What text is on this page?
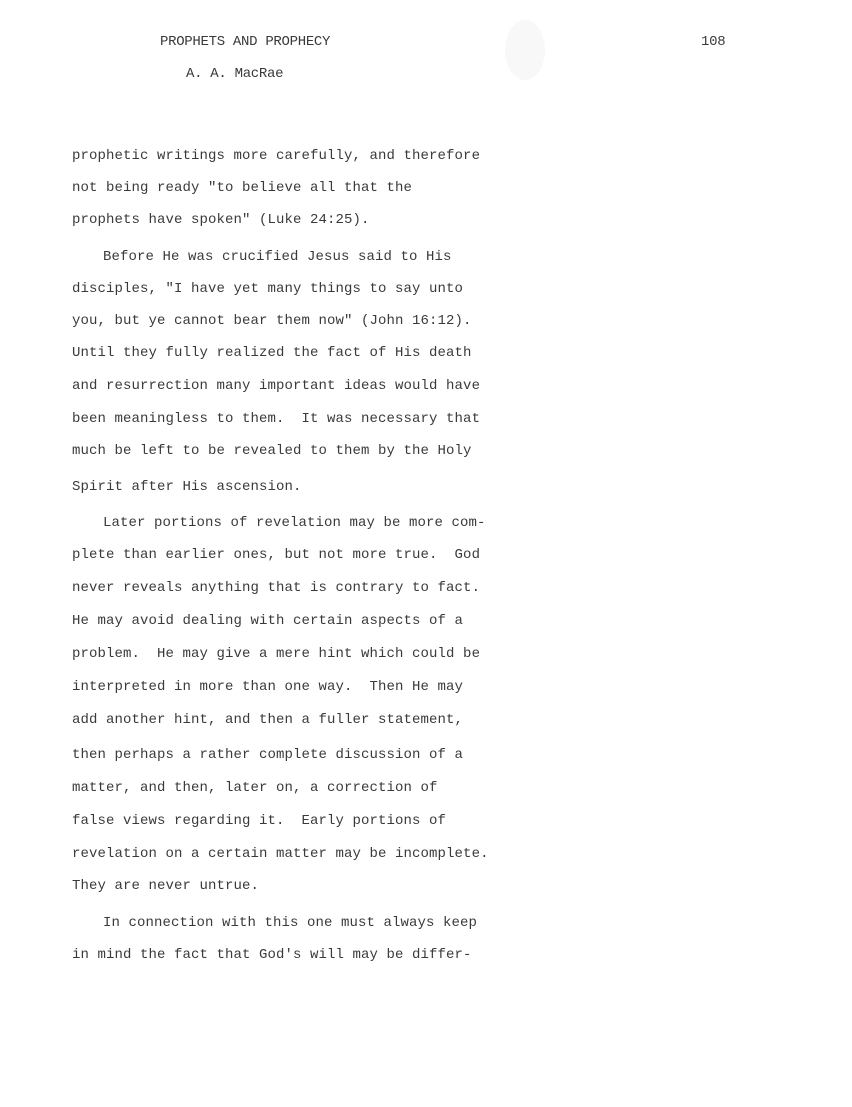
PROPHETS AND PROPHECY
A. A. MacRae
108
prophetic writings more carefully, and therefore
not being ready "to believe all that the
prophets have spoken" (Luke 24:25).
Before He was crucified Jesus said to His
disciples, "I have yet many things to say unto
you, but ye cannot bear them now" (John 16:12).
Until they fully realized the fact of His death
and resurrection many important ideas would have
been meaningless to them.  It was necessary that
much be left to be revealed to them by the Holy
Spirit after His ascension.
Later portions of revelation may be more com-
plete than earlier ones, but not more true.  God
never reveals anything that is contrary to fact.
He may avoid dealing with certain aspects of a
problem.  He may give a mere hint which could be
interpreted in more than one way.  Then He may
add another hint, and then a fuller statement,
then perhaps a rather complete discussion of a
matter, and then, later on, a correction of
false views regarding it.  Early portions of
revelation on a certain matter may be incomplete.
They are never untrue.
In connection with this one must always keep
in mind the fact that God's will may be differ-
